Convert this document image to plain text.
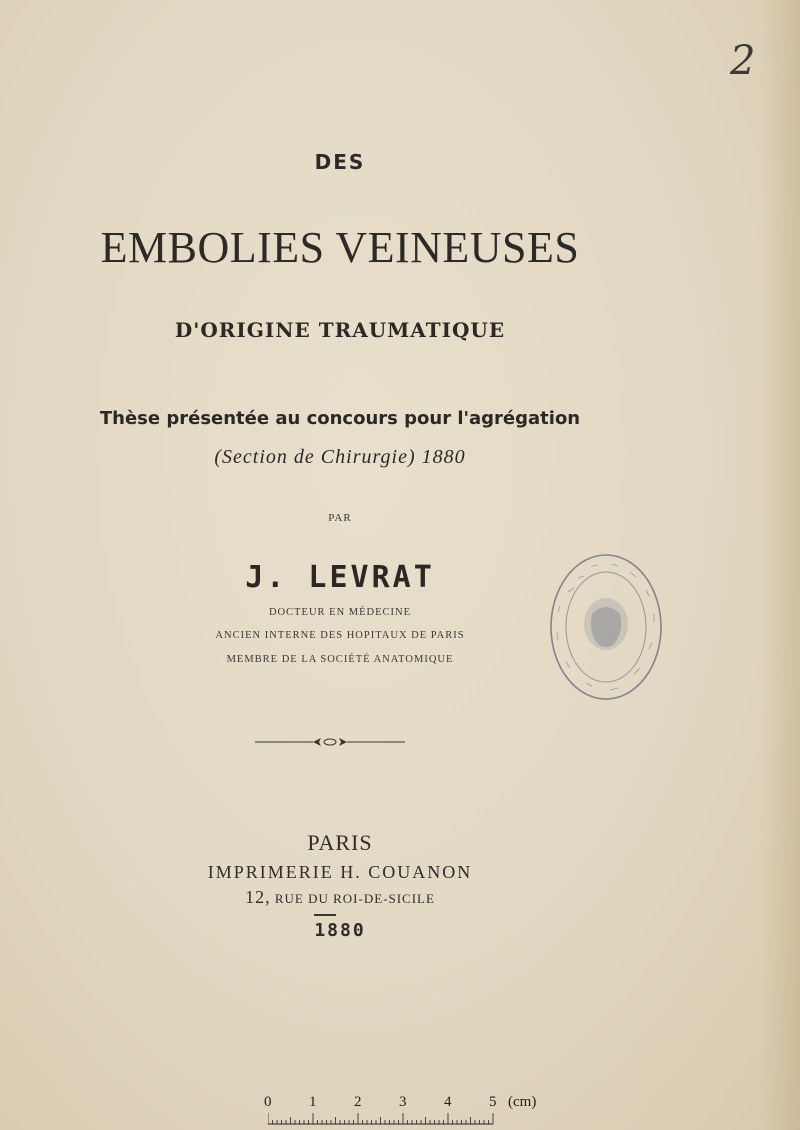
2
DES
EMBOLIES VEINEUSES
D'ORIGINE TRAUMATIQUE
Thèse présentée au concours pour l'agrégation
(Section de Chirurgie) 1880
PAR
J. LEVRAT
DOCTEUR EN MÉDECINE
ANCIEN INTERNE DES HOPITAUX DE PARIS
MEMBRE DE LA SOCIÉTÉ ANATOMIQUE
PARIS
IMPRIMERIE H. COUANON
12, RUE DU ROI-DE-SICILE
1880
0	1	2	3	4	5 (cm)
